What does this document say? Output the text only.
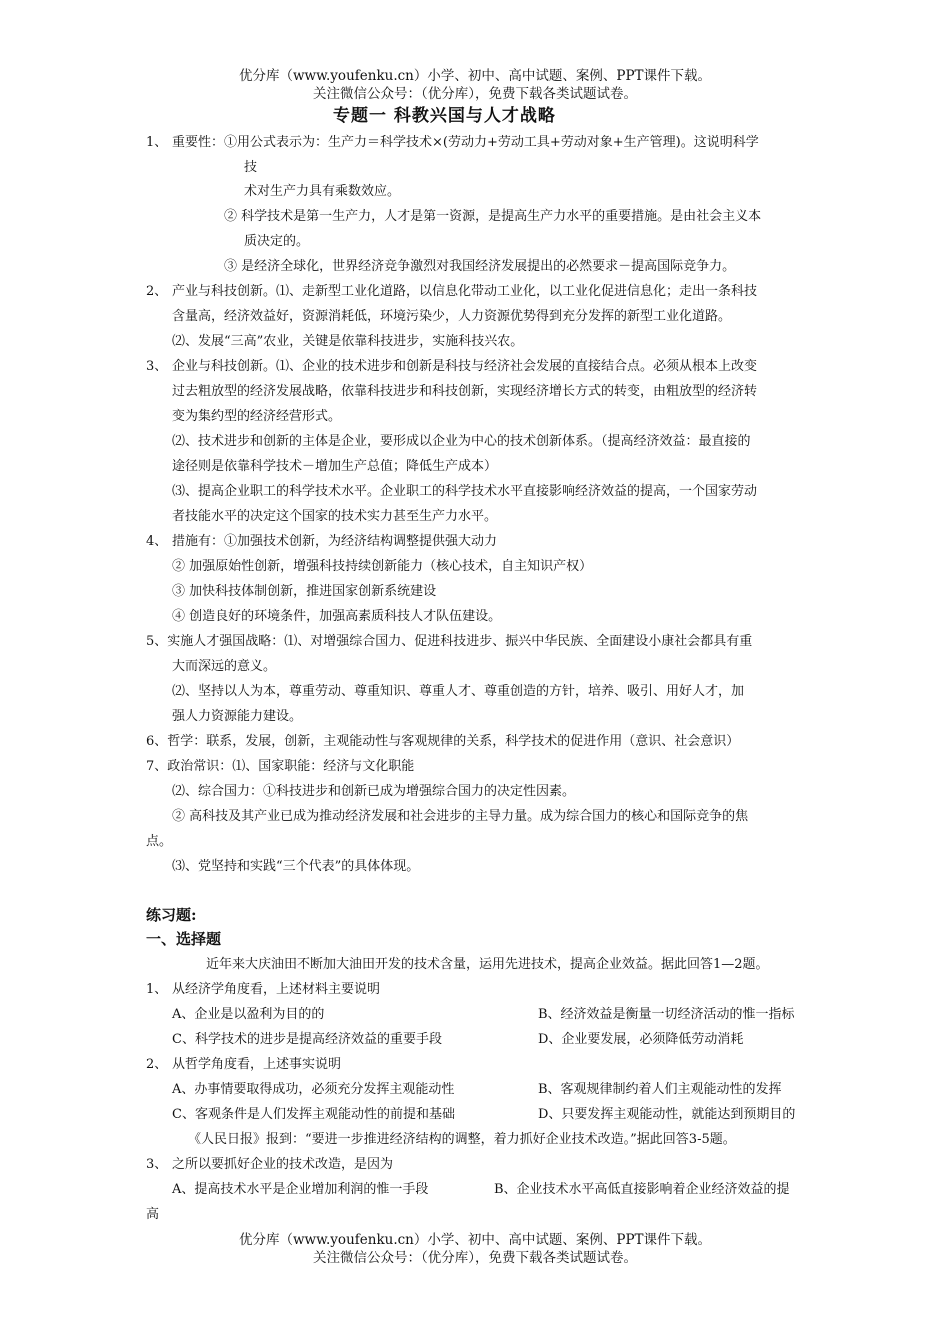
优分库（www.youfenku.cn）小学、初中、高中试题、案例、PPT课件下载。
关注微信公众号：（优分库），免费下载各类试题试卷。
专题一 科教兴国与人才战略
1、 重要性：①用公式表示为：生产力＝科学技术×(劳动力+劳动工具+劳动对象+生产管理)。这说明科学
技
术对生产力具有乘数效应。
② 科学技术是第一生产力，人才是第一资源，是提高生产力水平的重要措施。是由社会主义本
质决定的。
③ 是经济全球化，世界经济竞争激烈对我国经济发展提出的必然要求－提高国际竞争力。
2、 产业与科技创新。⑴、走新型工业化道路，以信息化带动工业化，以工业化促进信息化；走出一条科技
含量高，经济效益好，资源消耗低，环境污染少，人力资源优势得到充分发挥的新型工业化道路。
⑵、发展“三高”农业，关键是依靠科技进步，实施科技兴农。
3、 企业与科技创新。⑴、企业的技术进步和创新是科技与经济社会发展的直接结合点。必须从根本上改变
过去粗放型的经济发展战略，依靠科技进步和科技创新，实现经济增长方式的转变，由粗放型的经济转
变为集约型的经济经营形式。
⑵、技术进步和创新的主体是企业，要形成以企业为中心的技术创新体系。（提高经济效益：最直接的
途径则是依靠科学技术－增加生产总值；降低生产成本）
⑶、提高企业职工的科学技术水平。企业职工的科学技术水平直接影响经济效益的提高，一个国家劳动
者技能水平的决定这个国家的技术实力甚至生产力水平。
4、 措施有：①加强技术创新，为经济结构调整提供强大动力
② 加强原始性创新，增强科技持续创新能力（核心技术，自主知识产权）
③ 加快科技体制创新，推进国家创新系统建设
④ 创造良好的环境条件，加强高素质科技人才队伍建设。
5、实施人才强国战略：⑴、对增强综合国力、促进科技进步、振兴中华民族、全面建设小康社会都具有重
大而深远的意义。
⑵、坚持以人为本，尊重劳动、尊重知识、尊重人才、尊重创造的方针，培养、吸引、用好人才，加
强人力资源能力建设。
6、哲学：联系，发展，创新，主观能动性与客观规律的关系，科学技术的促进作用（意识、社会意识）
7、政治常识：⑴、国家职能：经济与文化职能
⑵、综合国力：①科技进步和创新已成为增强综合国力的决定性因素。
② 高科技及其产业已成为推动经济发展和社会进步的主导力量。成为综合国力的核心和国际竞争的焦
点。
⑶、党坚持和实践“三个代表”的具体体现。
练习题:
一、选择题
近年来大庆油田不断加大油田开发的技术含量，运用先进技术，提高企业效益。据此回答1—2题。
1、 从经济学角度看，上述材料主要说明
A、企业是以盈利为目的的	B、经济效益是衡量一切经济活动的惟一指标
C、科学技术的进步是提高经济效益的重要手段	D、企业要发展，必须降低劳动消耗
2、 从哲学角度看，上述事实说明
A、办事情要取得成功，必须充分发挥主观能动性	B、客观规律制约着人们主观能动性的发挥
C、客观条件是人们发挥主观能动性的前提和基础	D、只要发挥主观能动性，就能达到预期目的
《人民日报》报到：“要进一步推进经济结构的调整，着力抓好企业技术改造。”据此回答3-5题。
3、 之所以要抓好企业的技术改造，是因为
A、提高技术水平是企业增加利润的惟一手段	B、企业技术水平高低直接影响着企业经济效益的提
高
优分库（www.youfenku.cn）小学、初中、高中试题、案例、PPT课件下载。
关注微信公众号：（优分库），免费下载各类试题试卷。
